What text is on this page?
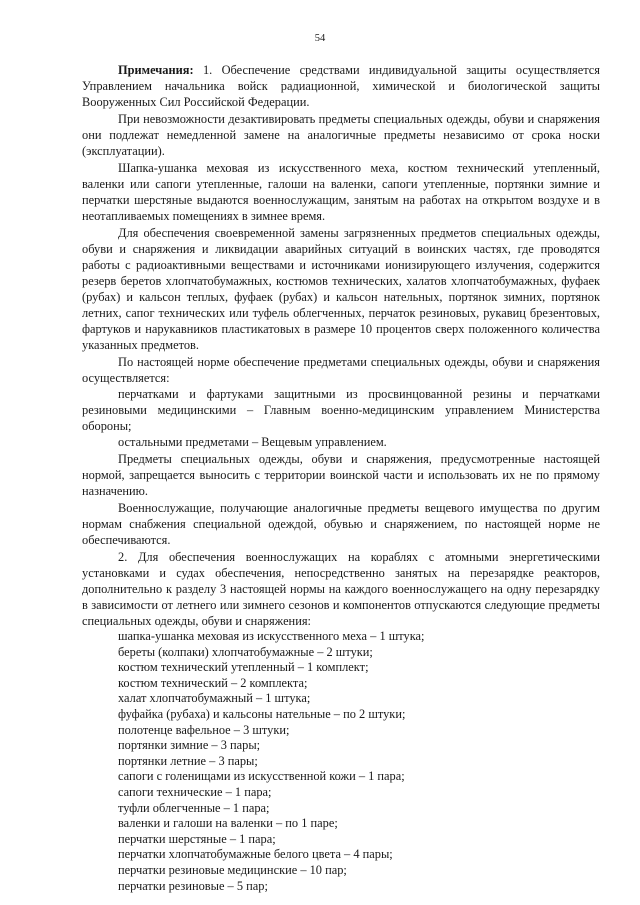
54

Примечания: 1. Обеспечение средствами индивидуальной защиты осуществляется Управлением начальника войск радиационной, химической и биологической защиты Вооруженных Сил Российской Федерации.

При невозможности дезактивировать предметы специальных одежды, обуви и снаряжения они подлежат немедленной замене на аналогичные предметы независимо от срока носки (эксплуатации).

Шапка-ушанка меховая из искусственного меха, костюм технический утепленный, валенки или сапоги утепленные, галоши на валенки, сапоги утепленные, портянки зимние и перчатки шерстяные выдаются военнослужащим, занятым на работах на открытом воздухе и в неотапливаемых помещениях в зимнее время.

Для обеспечения своевременной замены загрязненных предметов специальных одежды, обуви и снаряжения и ликвидации аварийных ситуаций в воинских частях, где проводятся работы с радиоактивными веществами и источниками ионизирующего излучения, содержится резерв беретов хлопчатобумажных, костюмов технических, халатов хлопчатобумажных, фуфаек (рубах) и кальсон теплых, фуфаек (рубах) и кальсон нательных, портянок зимних, портянок летних, сапог технических или туфель облегченных, перчаток резиновых, рукавиц брезентовых, фартуков и нарукавников пластикатовых в размере 10 процентов сверх положенного количества указанных предметов.

По настоящей норме обеспечение предметами специальных одежды, обуви и снаряжения осуществляется:

перчатками и фартуками защитными из просвинцованной резины и перчатками резиновыми медицинскими – Главным военно-медицинским управлением Министерства обороны;

остальными предметами – Вещевым управлением.

Предметы специальных одежды, обуви и снаряжения, предусмотренные настоящей нормой, запрещается выносить с территории воинской части и использовать их не по прямому назначению.

Военнослужащие, получающие аналогичные предметы вещевого имущества по другим нормам снабжения специальной одеждой, обувью и снаряжением, по настоящей норме не обеспечиваются.

2. Для обеспечения военнослужащих на кораблях с атомными энергетическими установками и судах обеспечения, непосредственно занятых на перезарядке реакторов, дополнительно к разделу 3 настоящей нормы на каждого военнослужащего на одну перезарядку в зависимости от летнего или зимнего сезонов и компонентов отпускаются следующие предметы специальных одежды, обуви и снаряжения:

шапка-ушанка меховая из искусственного меха – 1 штука;
береты (колпаки) хлопчатобумажные – 2 штуки;
костюм технический утепленный – 1 комплект;
костюм технический – 2 комплекта;
халат хлопчатобумажный – 1 штука;
фуфайка (рубаха) и кальсоны нательные – по 2 штуки;
полотенце вафельное – 3 штуки;
портянки зимние – 3 пары;
портянки летние – 3 пары;
сапоги с голенищами из искусственной кожи – 1 пара;
сапоги технические – 1 пара;
туфли облегченные – 1 пара;
валенки и галоши на валенки – по 1 паре;
перчатки шерстяные – 1 пара;
перчатки хлопчатобумажные белого цвета – 4 пары;
перчатки резиновые медицинские – 10 пар;
перчатки резиновые – 5 пар;
